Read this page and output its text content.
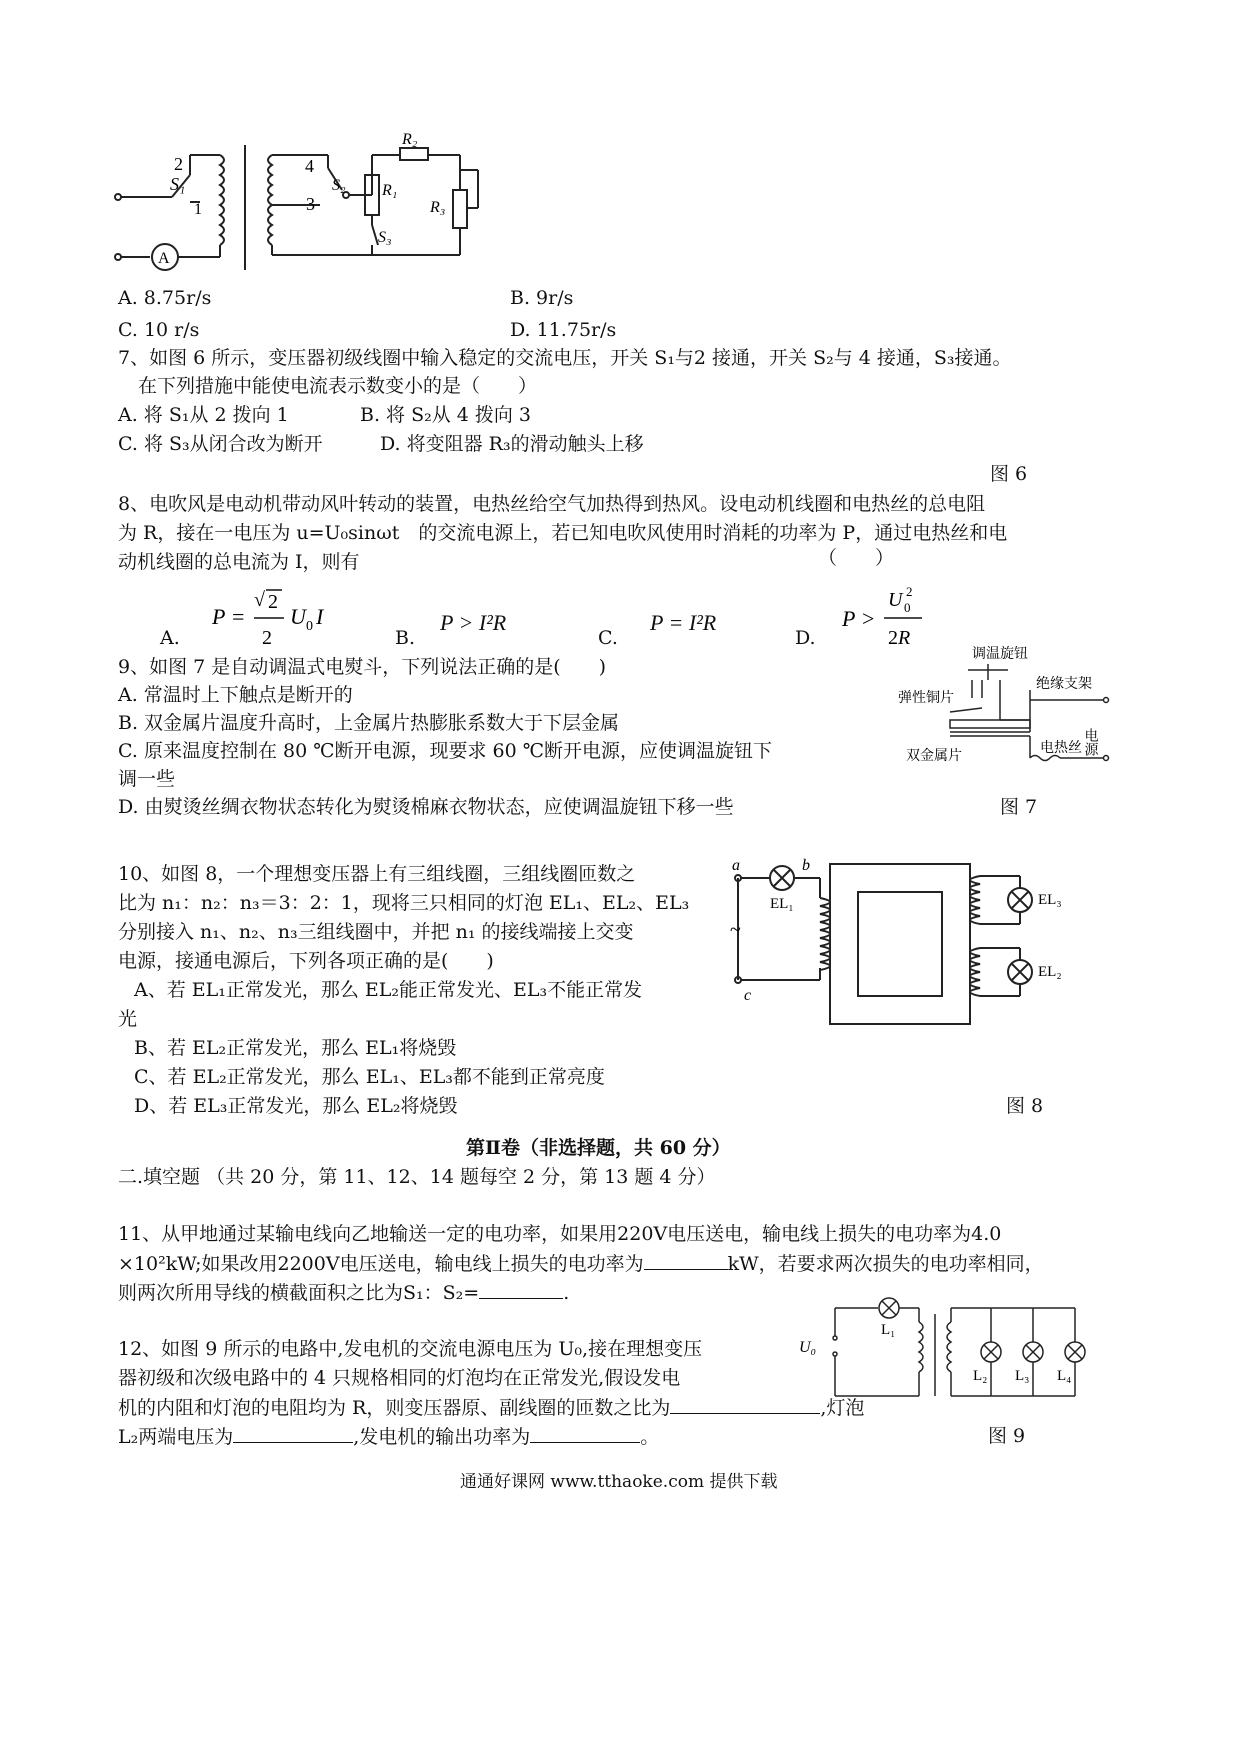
A
S₁
2
1
4
3
S₂ R₁
R₂
R₃
S₃
A. 8.75r/s	B. 9r/s
C. 10 r/s	D. 11.75r/s
7、如图 6 所示，变压器初级线圈中输入稳定的交流电压，开关 S₁与2 接通，开关 S₂与 4 接通，S₃接通。
在下列措施中能使电流表示数变小的是（　　）
A. 将 S₁从 2 拨向 1	B. 将 S₂从 4 拨向 3
C. 将 S₃从闭合改为断开	D. 将变阻器 R₃的滑动触头上移
图 6
8、电吹风是电动机带动风叶转动的装置，电热丝给空气加热得到热风。设电动机线圈和电热丝的总电阻
为 R，接在一电压为 u=U₀sinωt　的交流电源上，若已知电吹风使用时消耗的功率为 P，通过电热丝和电
动机线圈的总电流为 I，则有	（　　）
A.
P =
√ 2
2
U 0 I
B.
P > I²R
C.
P = I²R
D.
P >
U 0
2
2R
9、如图 7 是自动调温式电熨斗，下列说法正确的是(　　)
A. 常温时上下触点是断开的
B. 双金属片温度升高时，上金属片热膨胀系数大于下层金属
C. 原来温度控制在 80 ℃断开电源，现要求 60 ℃断开电源，应使调温旋钮下
调一些
D. 由熨烫丝绸衣物状态转化为熨烫棉麻衣物状态，应使调温旋钮下移一些	图 7
调温旋钮
弹性铜片
绝缘支架
电源
双金属片
电热丝
10、如图 8，一个理想变压器上有三组线圈，三组线圈匝数之
比为 n₁：n₂：n₃＝3：2：1，现将三只相同的灯泡 EL₁、EL₂、EL₃
分别接入 n₁、n₂、n₃三组线圈中，并把 n₁ 的接线端接上交变
电源，接通电源后，下列各项正确的是(　　)
A、若 EL₁正常发光，那么 EL₂能正常发光、EL₃不能正常发
光
B、若 EL₂正常发光，那么 EL₁将烧毁
C、若 EL₂正常发光，那么 EL₁、EL₃都不能到正常亮度
D、若 EL₃正常发光，那么 EL₂将烧毁	图 8
a	b
c
EL₁	EL₃
EL₂
~
第Ⅱ卷（非选择题，共 60 分）
二.填空题 （共 20 分，第 11、12、14 题每空 2 分，第 13 题 4 分）
11、从甲地通过某输电线向乙地输送一定的电功率，如果用220V电压送电，输电线上损失的电功率为4.0
×10²kW;如果改用2200V电压送电，输电线上损失的电功率为	kW，若要求两次损失的电功率相同，
则两次所用导线的横截面积之比为S₁：S₂=	.
L₁
L₂ L₃ L₄
U₀
12、如图 9 所示的电路中,发电机的交流电源电压为 U₀,接在理想变压
器初级和次级电路中的 4 只规格相同的灯泡均在正常发光,假设发电
机的内阻和灯泡的电阻均为 R，则变压器原、副线圈的匝数之比为	,灯泡
L₂两端电压为	,发电机的输出功率为	。	图 9
通通好课网 www.tthaoke.com 提供下载
